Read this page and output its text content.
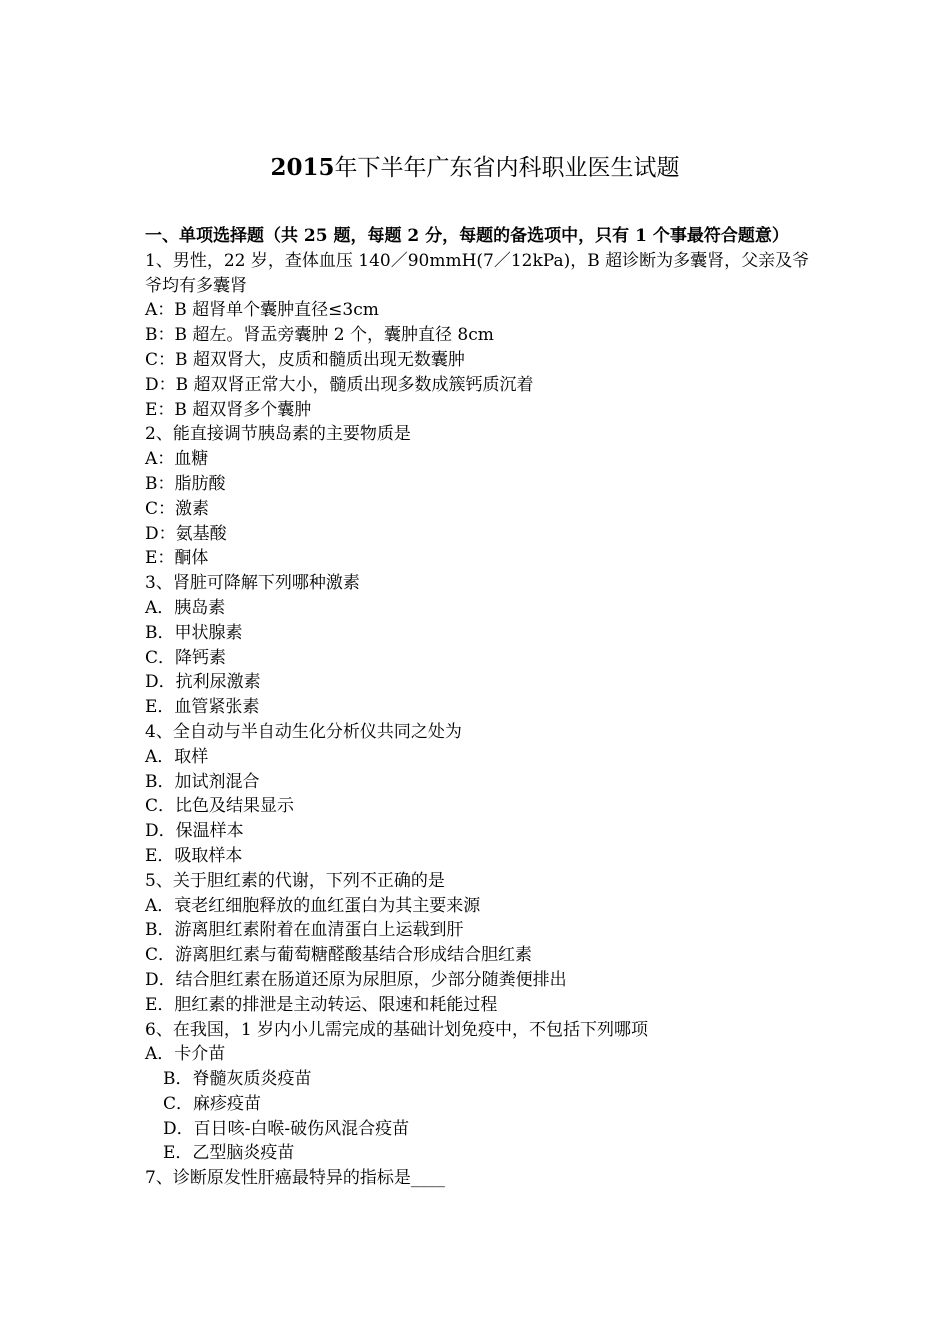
2015年下半年广东省内科职业医生试题

一、单项选择题（共 25 题，每题 2 分，每题的备选项中，只有 1 个事最符合题意）

1、男性，22 岁，查体血压 140／90mmH(7／12kPa)，B 超诊断为多囊肾，父亲及爷爷均有多囊肾

A：B 超肾单个囊肿直径≤3cm

B：B 超左。肾盂旁囊肿 2 个，囊肿直径 8cm

C：B 超双肾大，皮质和髓质出现无数囊肿

D：B 超双肾正常大小，髓质出现多数成簇钙质沉着

E：B 超双肾多个囊肿

2、能直接调节胰岛素的主要物质是

A：血糖

B：脂肪酸

C：激素

D：氨基酸

E：酮体

3、肾脏可降解下列哪种激素

A．胰岛素

B．甲状腺素

C．降钙素

D．抗利尿激素

E．血管紧张素

4、全自动与半自动生化分析仪共同之处为

A．取样

B．加试剂混合

C．比色及结果显示

D．保温样本

E．吸取样本

5、关于胆红素的代谢，下列不正确的是

A．衰老红细胞释放的血红蛋白为其主要来源

B．游离胆红素附着在血清蛋白上运载到肝

C．游离胆红素与葡萄糖醛酸基结合形成结合胆红素

D．结合胆红素在肠道还原为尿胆原，少部分随粪便排出

E．胆红素的排泄是主动转运、限速和耗能过程

6、在我国，1 岁内小儿需完成的基础计划免疫中，不包括下列哪项

A．卡介苗

B．脊髓灰质炎疫苗

C．麻疹疫苗

D．百日咳-白喉-破伤风混合疫苗

E．乙型脑炎疫苗

7、诊断原发性肝癌最特异的指标是____
